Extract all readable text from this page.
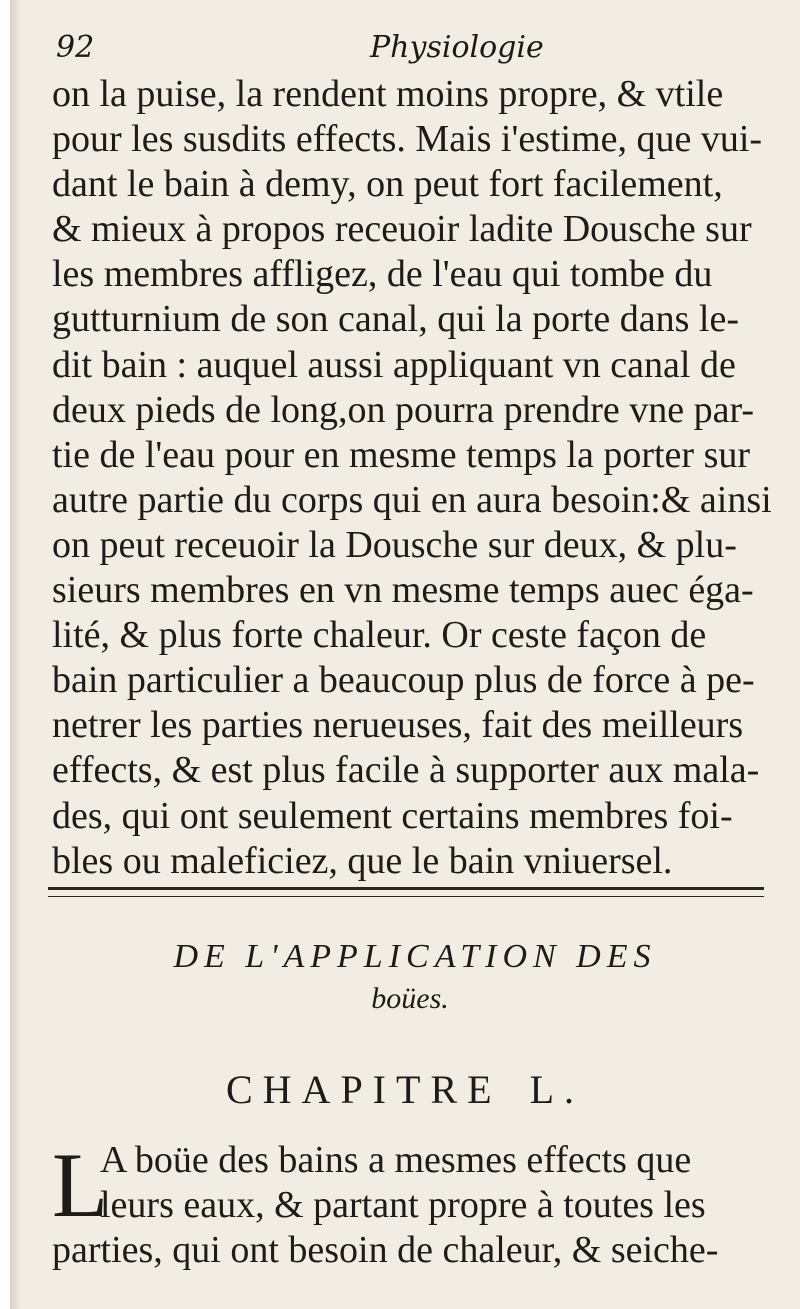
92	Physiologie
on la puise, la rendent moins propre, & vtile
pour les susdits effects. Mais i'estime, que vui-
dant le bain à demy, on peut fort facilement,
& mieux à propos receuoir ladite Dousche sur
les membres affligez, de l'eau qui tombe du
gutturnium de son canal, qui la porte dans le-
dit bain : auquel aussi appliquant vn canal de
deux pieds de long,on pourra prendre vne par-
tie de l'eau pour en mesme temps la porter sur
autre partie du corps qui en aura besoin:& ainsi
on peut receuoir la Dousche sur deux, & plu-
sieurs membres en vn mesme temps auec éga-
lité, & plus forte chaleur. Or ceste façon de
bain particulier a beaucoup plus de force à pe-
netrer les parties nerueuses, fait des meilleurs
effects, & est plus facile à supporter aux mala-
des, qui ont seulement certains membres foi-
bles ou maleficiez, que le bain vniuersel.
DE L'APPLICATION DES
boües.
CHAPITRE L.
L
A boüe des bains a mesmes effects que
leurs eaux, & partant propre à toutes les
parties, qui ont besoin de chaleur, & seiche-
